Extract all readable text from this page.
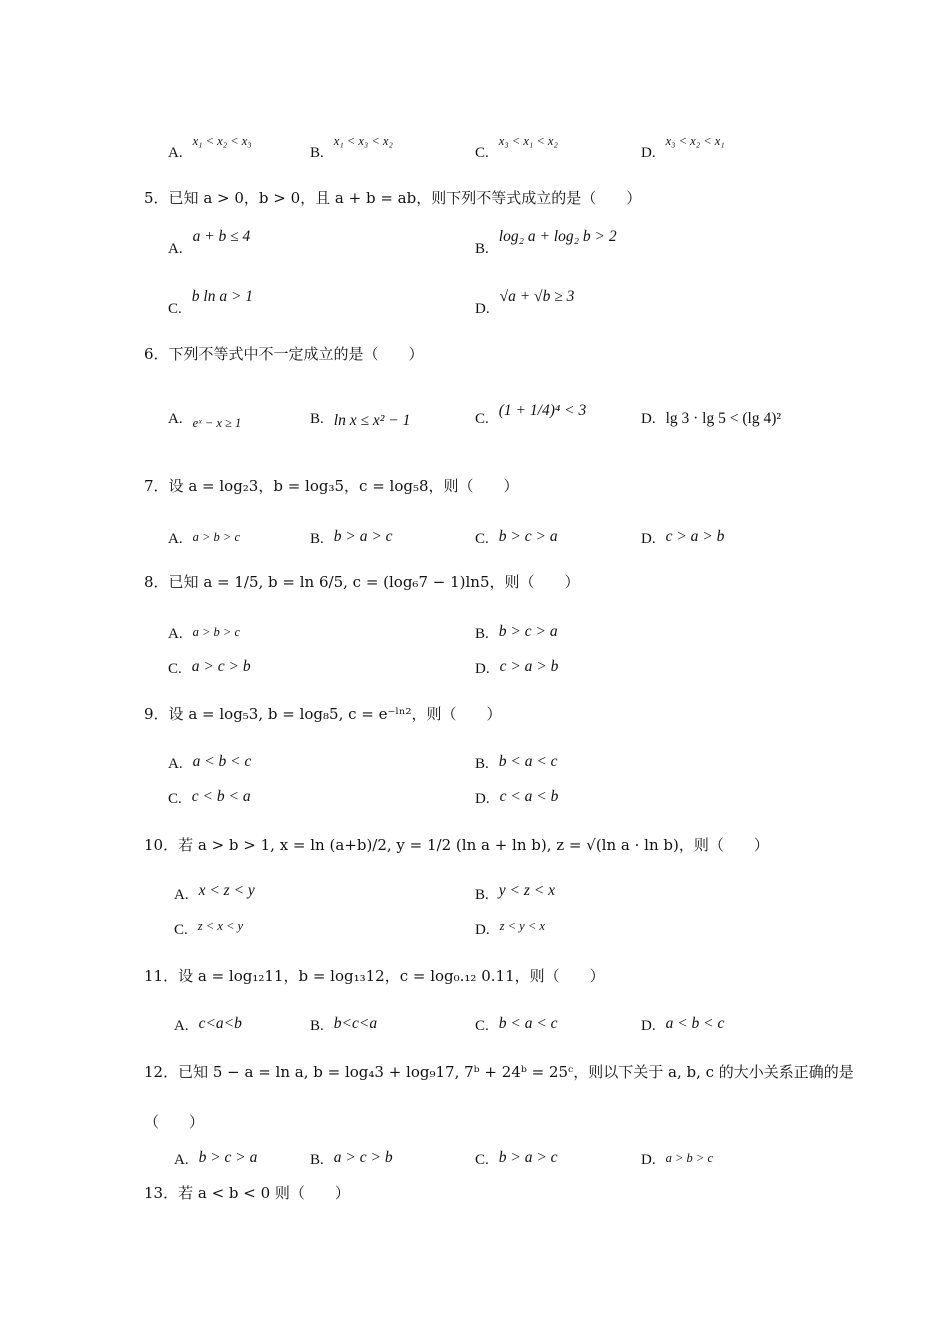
A.$^{x_1 < x_2 < x_3}$
B.$^{x_1 < x_3 < x_2}$
C.$^{x_3 < x_1 < x_2}$
D.$^{x_3 < x_2 < x_1}$
5．已知 a > 0，b > 0，且 a + b = ab，则下列不等式成立的是（　　）
A.a + b ≤ 4
B.log₂ a + log₂ b > 2
C.b ln a > 1
D.√a + √b ≥ 3
6．下列不等式中不一定成立的是（　　）
A. $_{eˣ - x \ge 1}$	B. ln x ≤ x² − 1	C. (1 + 1/4)⁴ < 3	D. lg 3 · lg 5 < (lg 4)²
7．设 a = log₂3，b = log₃5，c = log₅8，则（　　）
A. a > b > c	B. b > a > c	C. b > c > a	D. c > a > b
8．已知 a = 1/5, b = ln 6/5, c = (log₆7 − 1)ln5，则（　　）
A. a > b > c	B. b > c > a
C. a > c > b	D. c > a > b
9．设 a = log₅3, b = log₈5, c = e⁻ˡⁿ²，则（　　）
A. a < b < c	B. b < a < c
C. c < b < a	D. c < a < b
10．若 a > b > 1, x = ln (a+b)/2, y = 1/2 (ln a + ln b), z = √(ln a · ln b)，则（　　）
A. x < z < y	B. y < z < x
C. $^{z < x < y}$	D. $^{z < y < x}$
11．设 a = log₁₂11，b = log₁₃12，c = log₀.₁₂ 0.11，则（　　）
A. c<a<b	B. b<c<a	C. b < a < c	D. a < b < c
12．已知 5 − a = ln a, b = log₄3 + log₉17, 7ᵇ + 24ᵇ = 25ᶜ，则以下关于 a, b, c 的大小关系正确的是
（　　）
A. b > c > a	B. a > c > b	C. b > a > c	D. a > b > c
13．若 a < b < 0 则（　　）
